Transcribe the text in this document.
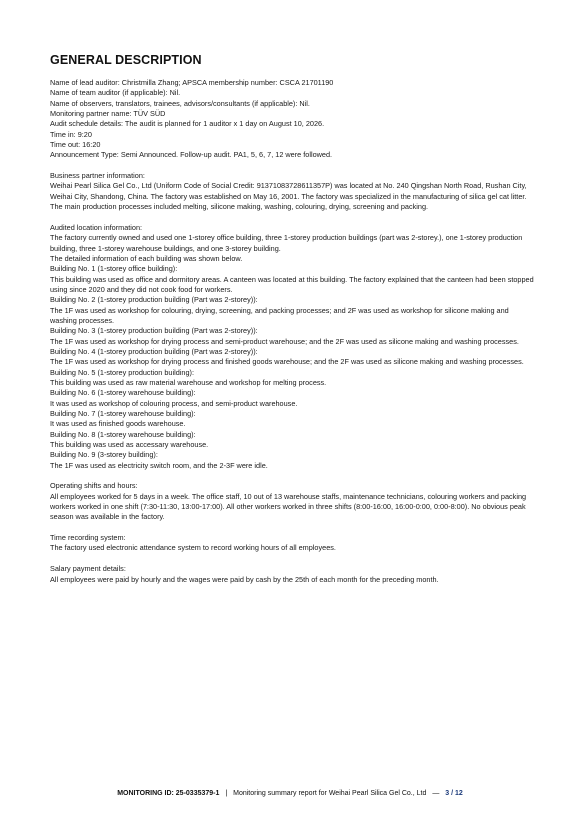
GENERAL DESCRIPTION

Name of lead auditor: Christmilla Zhang; APSCA membership number: CSCA 21701190

Name of team auditor (if applicable): Nil.

Name of observers, translators, trainees, advisors/consultants (if applicable): Nil.

Monitoring partner name: TÜV SÜD

Audit schedule details: The audit is planned for 1 auditor x 1 day on August 10, 2026.

Time in: 9:20

Time out: 16:20

Announcement Type: Semi Announced. Follow-up audit. PA1, 5, 6, 7, 12 were followed.

Business partner information:

Weihai Pearl Silica Gel Co., Ltd (Uniform Code of Social Credit: 91371083728611357P) was located at No. 240 Qingshan North Road, Rushan City, Weihai City, Shandong, China. The factory was established on May 16, 2001. The factory was specialized in the manufacturing of silica gel cat litter. The main production processes included melting, silicone making, washing, colouring, drying, screening and packing.

Audited location information:

The factory currently owned and used one 1-storey office building, three 1-storey production buildings (part was 2-storey.), one 1-storey production building, three 1-storey warehouse buildings, and one 3-storey building.

The detailed information of each building was shown below.

Building No. 1 (1-storey office building):

This building was used as office and dormitory areas. A canteen was located at this building. The factory explained that the canteen had been stopped using since 2020 and they did not cook food for workers.

Building No. 2 (1-storey production building (Part was 2-storey)):

The 1F was used as workshop for colouring, drying, screening, and packing processes; and 2F was used as workshop for silicone making and washing processes.

Building No. 3 (1-storey production building (Part was 2-storey)):

The 1F was used as workshop for drying process and semi-product warehouse; and the 2F was used as silicone making and washing processes.

Building No. 4 (1-storey production building (Part was 2-storey)):

The 1F was used as workshop for drying process and finished goods warehouse; and the 2F was used as silicone making and washing processes.

Building No. 5 (1-storey production building):

This building was used as raw material warehouse and workshop for melting process.

Building No. 6 (1-storey warehouse building):

It was used as workshop of colouring process, and semi-product warehouse.

Building No. 7 (1-storey warehouse building):

It was used as finished goods warehouse.

Building No. 8 (1-storey warehouse building):

This building was used as accessary warehouse.

Building No. 9 (3-storey building):

The 1F was used as electricity switch room, and the 2-3F were idle.

Operating shifts and hours:

All employees worked for 5 days in a week. The office staff, 10 out of 13 warehouse staffs, maintenance technicians, colouring workers and packing workers worked in one shift (7:30-11:30, 13:00-17:00). All other workers worked in three shifts (8:00-16:00, 16:00-0:00, 0:00-8:00). No obvious peak season was available in the factory.

Time recording system:

The factory used electronic attendance system to record working hours of all employees.

Salary payment details:

All employees were paid by hourly and the wages were paid by cash by the 25th of each month for the preceding month.

MONITORING ID: 25-0335379-1 | Monitoring summary report for Weihai Pearl Silica Gel Co., Ltd — 3 / 12
